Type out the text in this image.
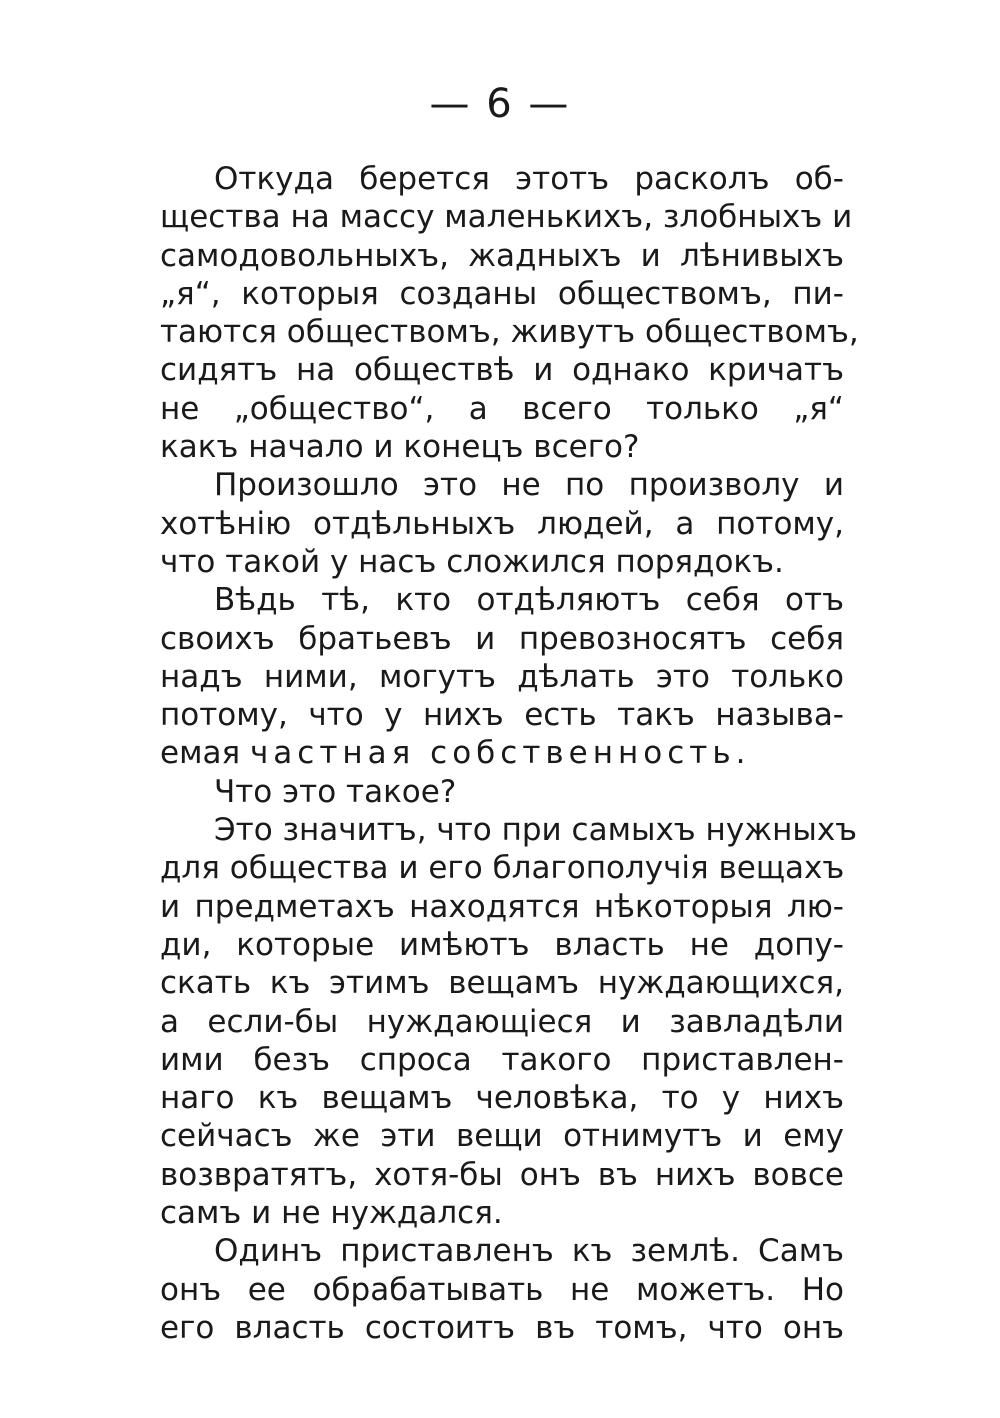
— 6 —
Откуда берется этотъ расколъ об-
щества на массу маленькихъ, злобныхъ и
самодовольныхъ, жадныхъ и лѣнивыхъ
„я“, которыя созданы обществомъ, пи-
таются обществомъ, живутъ обществомъ,
сидятъ на обществѣ и однако кричатъ
не „общество“, а всего только „я“
какъ начало и конецъ всего?
Произошло это не по произволу и
хотѣнію отдѣльныхъ людей, а потому,
что такой у насъ сложился порядокъ.
Вѣдь тѣ, кто отдѣляютъ себя отъ
своихъ братьевъ и превозносятъ себя
надъ ними, могутъ дѣлать это только
потому, что у нихъ есть такъ называ-
емая частная собственность.
Что это такое?
Это значитъ, что при самыхъ нужныхъ
для общества и его благополучія вещахъ
и предметахъ находятся нѣкоторыя лю-
ди, которые имѣютъ власть не допу-
скать къ этимъ вещамъ нуждающихся,
а если-бы нуждающіеся и завладѣли
ими безъ спроса такого приставлен-
наго къ вещамъ человѣка, то у нихъ
сейчасъ же эти вещи отнимутъ и ему
возвратятъ, хотя-бы онъ въ нихъ вовсе
самъ и не нуждался.
Одинъ приставленъ къ землѣ. Самъ
онъ ее обрабатывать не можетъ. Но
его власть состоитъ въ томъ, что онъ
